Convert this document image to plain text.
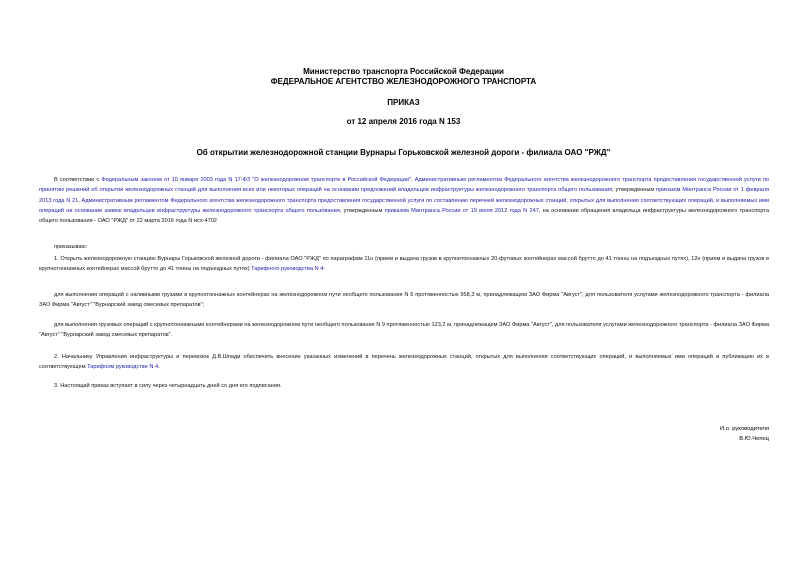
Министерство транспорта Российской Федерации
ФЕДЕРАЛЬНОЕ АГЕНТСТВО ЖЕЛЕЗНОДОРОЖНОГО ТРАНСПОРТА
ПРИКАЗ
от 12 апреля 2016 года N 153
Об открытии железнодорожной станции Вурнары Горьковской железной дороги - филиала ОАО "РЖД"
В соответствии с Федеральным законом от 10 января 2003 года N 17-ФЗ "О железнодорожном транспорте в Российской Федерации", Административным регламентом Федерального агентства железнодорожного транспорта предоставления государственной услуги по принятию решений об открытии железнодорожных станций для выполнения всех или некоторых операций на основании предложений владельцев инфраструктуры железнодорожного транспорта общего пользования, утвержденным приказом Минтранса России от 1 февраля 2013 года N 21, Административным регламентом Федерального агентства железнодорожного транспорта предоставления государственной услуги по составлению перечней железнодорожных станций, открытых для выполнения соответствующих операций, и выполняемых ими операций на основании заявок владельцев инфраструктуры железнодорожного транспорта общего пользования, утвержденным приказом Минтранса России от 19 июля 2012 года N 247, на основании обращения владельца инфраструктуры железнодорожного транспорта общего пользования - ОАО "РЖД" от 22 марта 2016 года N исх-4702
приказываю:
1. Открыть железнодорожную станцию Вурнары Горьковской железной дороги - филиала ОАО "РЖД" по параграфам 11н (прием и выдача грузов в крупнотоннажных 20-футовых контейнерах массой брутто до 41 тонны на подъездных путях), 12н (прием и выдача грузов в крупнотоннажных контейнерах массой брутто до 41 тонны на подъездных путях) Тарифного руководства N 4:
для выполнения операций с наливными грузами в крупнотоннажных контейнерах на железнодорожном пути необщего пользования N 6 протяженностью 958,3 м, принадлежащем ЗАО Фирма "Август", для пользователя услугами железнодорожного транспорта - филиала ЗАО Фирма "Август" "Вурнарский завод смесевых препаратов";
для выполнения грузовых операций с крупнотоннажными контейнерами на железнодорожном пути необщего пользования N 9 протяженностью 123,2 м, принадлежащем ЗАО Фирма "Август", для пользователя услугами железнодорожного транспорта - филиала ЗАО Фирма "Август" "Вурнарский завод смесевых препаратов".
2. Начальнику Управления инфраструктуры и перевозок Д.В.Шпади обеспечить внесение указанных изменений в перечень железнодорожных станций, открытых для выполнения соответствующих операций, и выполняемых ими операций и публикацию их в соответствующем Тарифном руководстве N 4.
3. Настоящий приказ вступает в силу через четырнадцать дней со дня его подписания.
И.о. руководителя
В.Ю.Чепец
